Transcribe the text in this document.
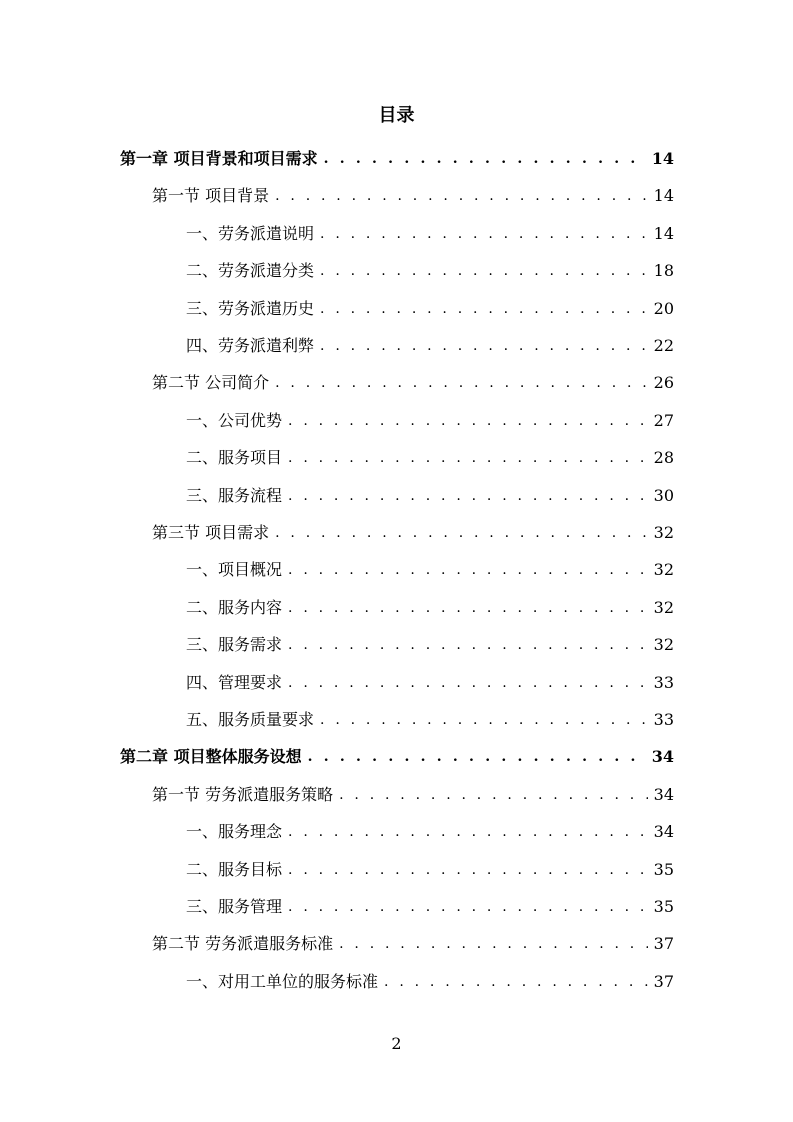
目录
第一章 项目背景和项目需求 . . .	14
第一节 项目背景 . . .	14
一、劳务派遣说明 . . .	14
二、劳务派遣分类 . . .	18
三、劳务派遣历史 . . .	20
四、劳务派遣利弊 . . .	22
第二节 公司简介 . . .	26
一、公司优势 . . .	27
二、服务项目 . . .	28
三、服务流程 . . .	30
第三节 项目需求 . . .	32
一、项目概况 . . .	32
二、服务内容 . . .	32
三、服务需求 . . .	32
四、管理要求 . . .	33
五、服务质量要求 . . .	33
第二章 项目整体服务设想 . . .	34
第一节 劳务派遣服务策略 . . .	34
一、服务理念 . . .	34
二、服务目标 . . .	35
三、服务管理 . . .	35
第二节 劳务派遣服务标准 . . .	37
一、对用工单位的服务标准 . . .	37
2
